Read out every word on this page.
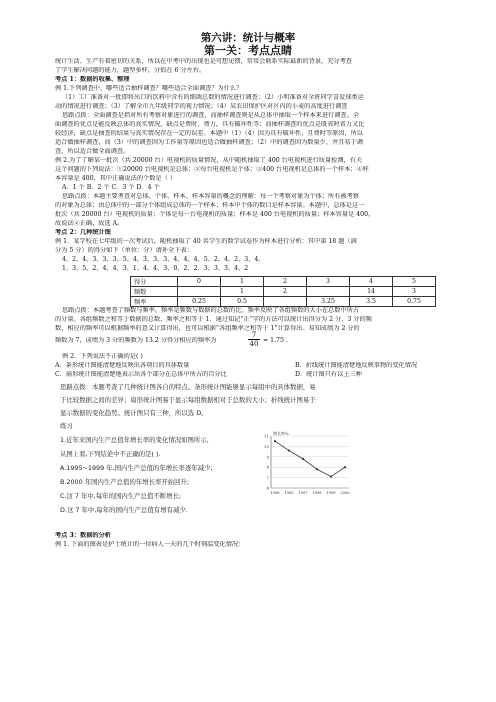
第六讲：统计与概率
第一关：考点点睛
统计生活、生产有着密切的关系，所以在中考中的出现也是可想见惯，常常会联系实际最新的背景，充分考查
了学生解决问题的能力，题型多样，分值在 6 分左右。
考点 1：数据的收集、整理
例 1.下列调查中，哪些适合抽样调查？哪些适合全面调查？为什么？
（1）工厂准备对一批即将出口的饮料中含有的细菌总数的情况进行调查；（2）小明准备对全班同学喜爱球类运
动的情况进行调查；（3）了解全市九年级同学的视力情况；（4）某农田保护区对区内的小麦的高度进行调查
思路点拨：全面调查是指对所有考察对象进行的调查，而抽样调查则是从总体中抽取一个样本来进行调查。全
面调查的优点是能反映总体的真实情况，缺点是费时、费力，具有破坏性等；而抽样调查的优点是既省时省力又比
较经济，缺点是抽查的结果与真实情况存在一定的误差。本题中（1）（4）因为具有破坏性，且费时等原因，所以
适合做抽样调查，而（3）中的调查因为工作量等原因也适合做抽样调查；（2）中的调查因为数量少，并且易于调
查，所以适合做全面调查。
例 2.为了了解某一批次（共 20000 台）电视机的质量情况，从中随机抽取了 400 台电视机进行质量检测，有关
这个问题的下列说法：①20000 台电视机是总体；②每台电视机是个体；③400 台电视机是总体的一个样本；④样
本容量是 400，其中正确说法的个数是（ ）
A．1 个 B．2 个 C．3 个 D．4 个
思路点拨：本题主要考查对总体、个体、样本、样本容量的概念的理解：每一个考察对象为个体；所有被考察
的对象为总体；由总体中的一部分个体组成总体的一个样本；样本中个体的数目是样本容量。本题中，总体是这一
批次（共 20000 台）电视机的质量；个体是每一台电视机的质量；样本是 400 台电视机的质量；样本容量是 400，
故说法②正确，故选 A。
考点 2：几种统计图
例 1．某学校在七年级的一次考试后，随机抽取了 40 名学生的数学试卷作为样本进行分析：其中第 18 题（满
分为 5 分）的得分如下（单位：分）请补全下表：
4、2、4、3、3、3、5、4、3、3、3、4、4、4、5、2、4、2、3、4、
1、3、5、2、4、4、3、1、4、4、3、0、2、2、3、3、3、4、2
得分	0	1	2	3	4	5
频数		1	2		14	3
频率	0.25	0.5		3.25	3.5	0.75
思路点拨：本题考查了频数与频率。频率是频数与数据的总数的比。频率反映了各组频数的大小在总数中所占
的分量。各组频数之和等于数据的总数，频率之和等于 1．通过知记“正”字的方法可以统计出得分为 2 分、3 分的频
数，相应的频率可以根据频率的意义计算得出，也可以根据“各组频率之和等于 1”计算得出。易知成绩为 2 分的
频数为 7，成绩为 3 分的频数为 13.2 分得分相应的频率为	$\frac{7}{40} = 1.75$ .
例 2．下列说法不正确的是( )
A．条形统计图能清楚地反映出各项目的具体数量	B．折线统计图能清楚地反映事物的变化情况
C．扇形统计图能清楚地表示出各个部分在总体中所占的百分比	D．统计图只有以上三种
思路点拨：本题考查了几种统计图各自的特点。条形统计图能够显示每组中的具体数据，易
于比较数据之间的差异；扇形统计图易于显示每组数据相对于总数的大小；折线统计图易于
显示数据的变化趋势。统计图只有三种，所以选 D。
练习
1.近年来国内生产总值年增长率的变化情况如图所示,
从图上看,下列结论中不正确的是( ).
A.1995~1999 年,国内生产总值的年增长率逐年减少;
B.2000 年国内生产总值的年增长率开始回升;
C.这 7 年中,每年的国内生产总值不断增长;
D.这 7 年中,每年的国内生产总值有增有减少.
6
7
8
9
10
11
1996 1995 1997 1998 1999 2000
增长率%
考点 3：数据的分析
例 1. 下面的图表是护士统计的一位病人一天的几个时刻温变化情况：
